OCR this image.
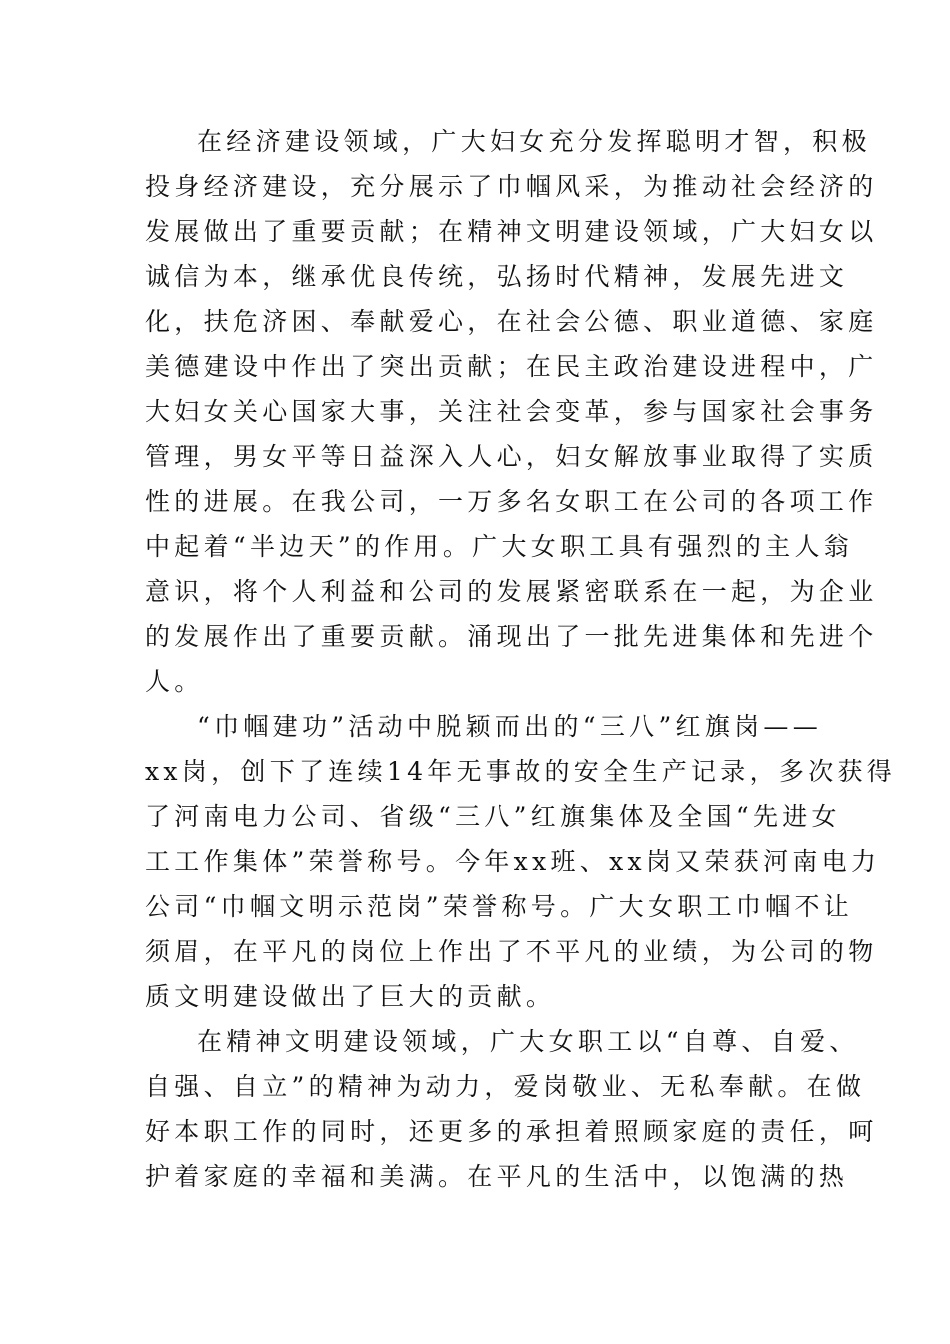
在经济建设领域，广大妇女充分发挥聪明才智，积极
投身经济建设，充分展示了巾帼风采，为推动社会经济的
发展做出了重要贡献；在精神文明建设领域，广大妇女以
诚信为本，继承优良传统，弘扬时代精神，发展先进文
化，扶危济困、奉献爱心，在社会公德、职业道德、家庭
美德建设中作出了突出贡献；在民主政治建设进程中，广
大妇女关心国家大事，关注社会变革，参与国家社会事务
管理，男女平等日益深入人心，妇女解放事业取得了实质
性的进展。在我公司，一万多名女职工在公司的各项工作
中起着“半边天”的作用。广大女职工具有强烈的主人翁
意识，将个人利益和公司的发展紧密联系在一起，为企业
的发展作出了重要贡献。涌现出了一批先进集体和先进个
人。
“巾帼建功”活动中脱颖而出的“三八”红旗岗——
xx岗，创下了连续14年无事故的安全生产记录，多次获得
了河南电力公司、省级“三八”红旗集体及全国“先进女
工工作集体”荣誉称号。今年xx班、xx岗又荣获河南电力
公司“巾帼文明示范岗”荣誉称号。广大女职工巾帼不让
须眉，在平凡的岗位上作出了不平凡的业绩，为公司的物
质文明建设做出了巨大的贡献。
在精神文明建设领域，广大女职工以“自尊、自爱、
自强、自立”的精神为动力，爱岗敬业、无私奉献。在做
好本职工作的同时，还更多的承担着照顾家庭的责任，呵
护着家庭的幸福和美满。在平凡的生活中，以饱满的热
